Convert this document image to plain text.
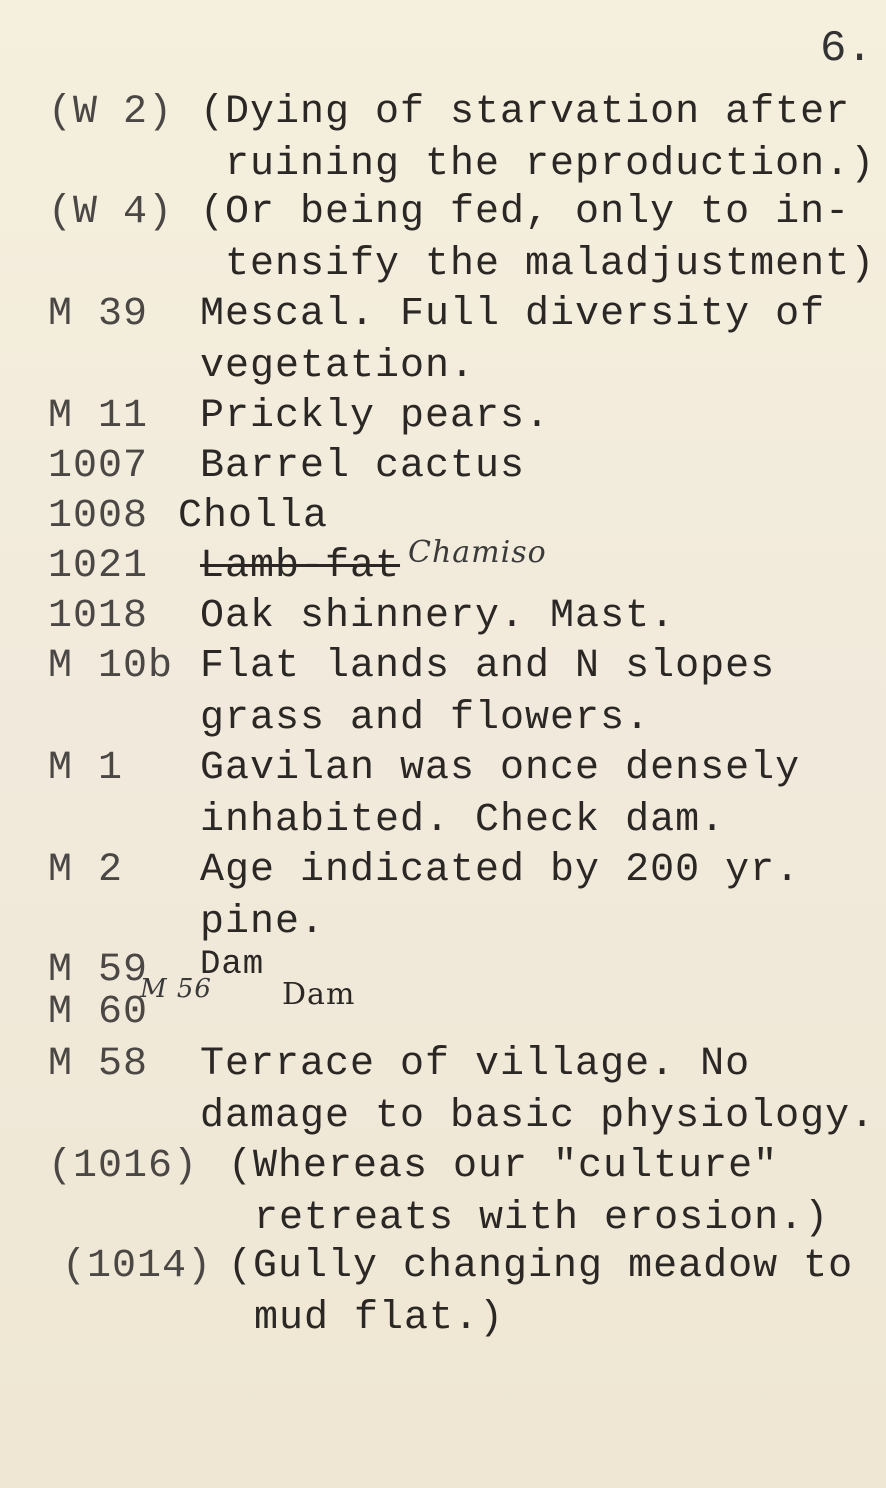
6.
(W 2) (Dying of starvation after
ruining the reproduction.)
(W 4) (Or being fed, only to in-
tensify the maladjustment)
M 39 Mescal. Full diversity of
vegetation.
M 11 Prickly pears.
1007 Barrel cactus
1008 Cholla
1021 Lamb-fat Chamiso
1018 Oak shinnery. Mast.
M 10b Flat lands and N slopes
grass and flowers.
M 1 Gavilan was once densely
inhabited. Check dam.
M 2 Age indicated by 200 yr.
pine.
M 59 Dam
M 60
M 56 Dam
M 58 Terrace of village. No
damage to basic physiology.
(1016) (Whereas our "culture"
retreats with erosion.)
(1014) (Gully changing meadow to
mud flat.)
